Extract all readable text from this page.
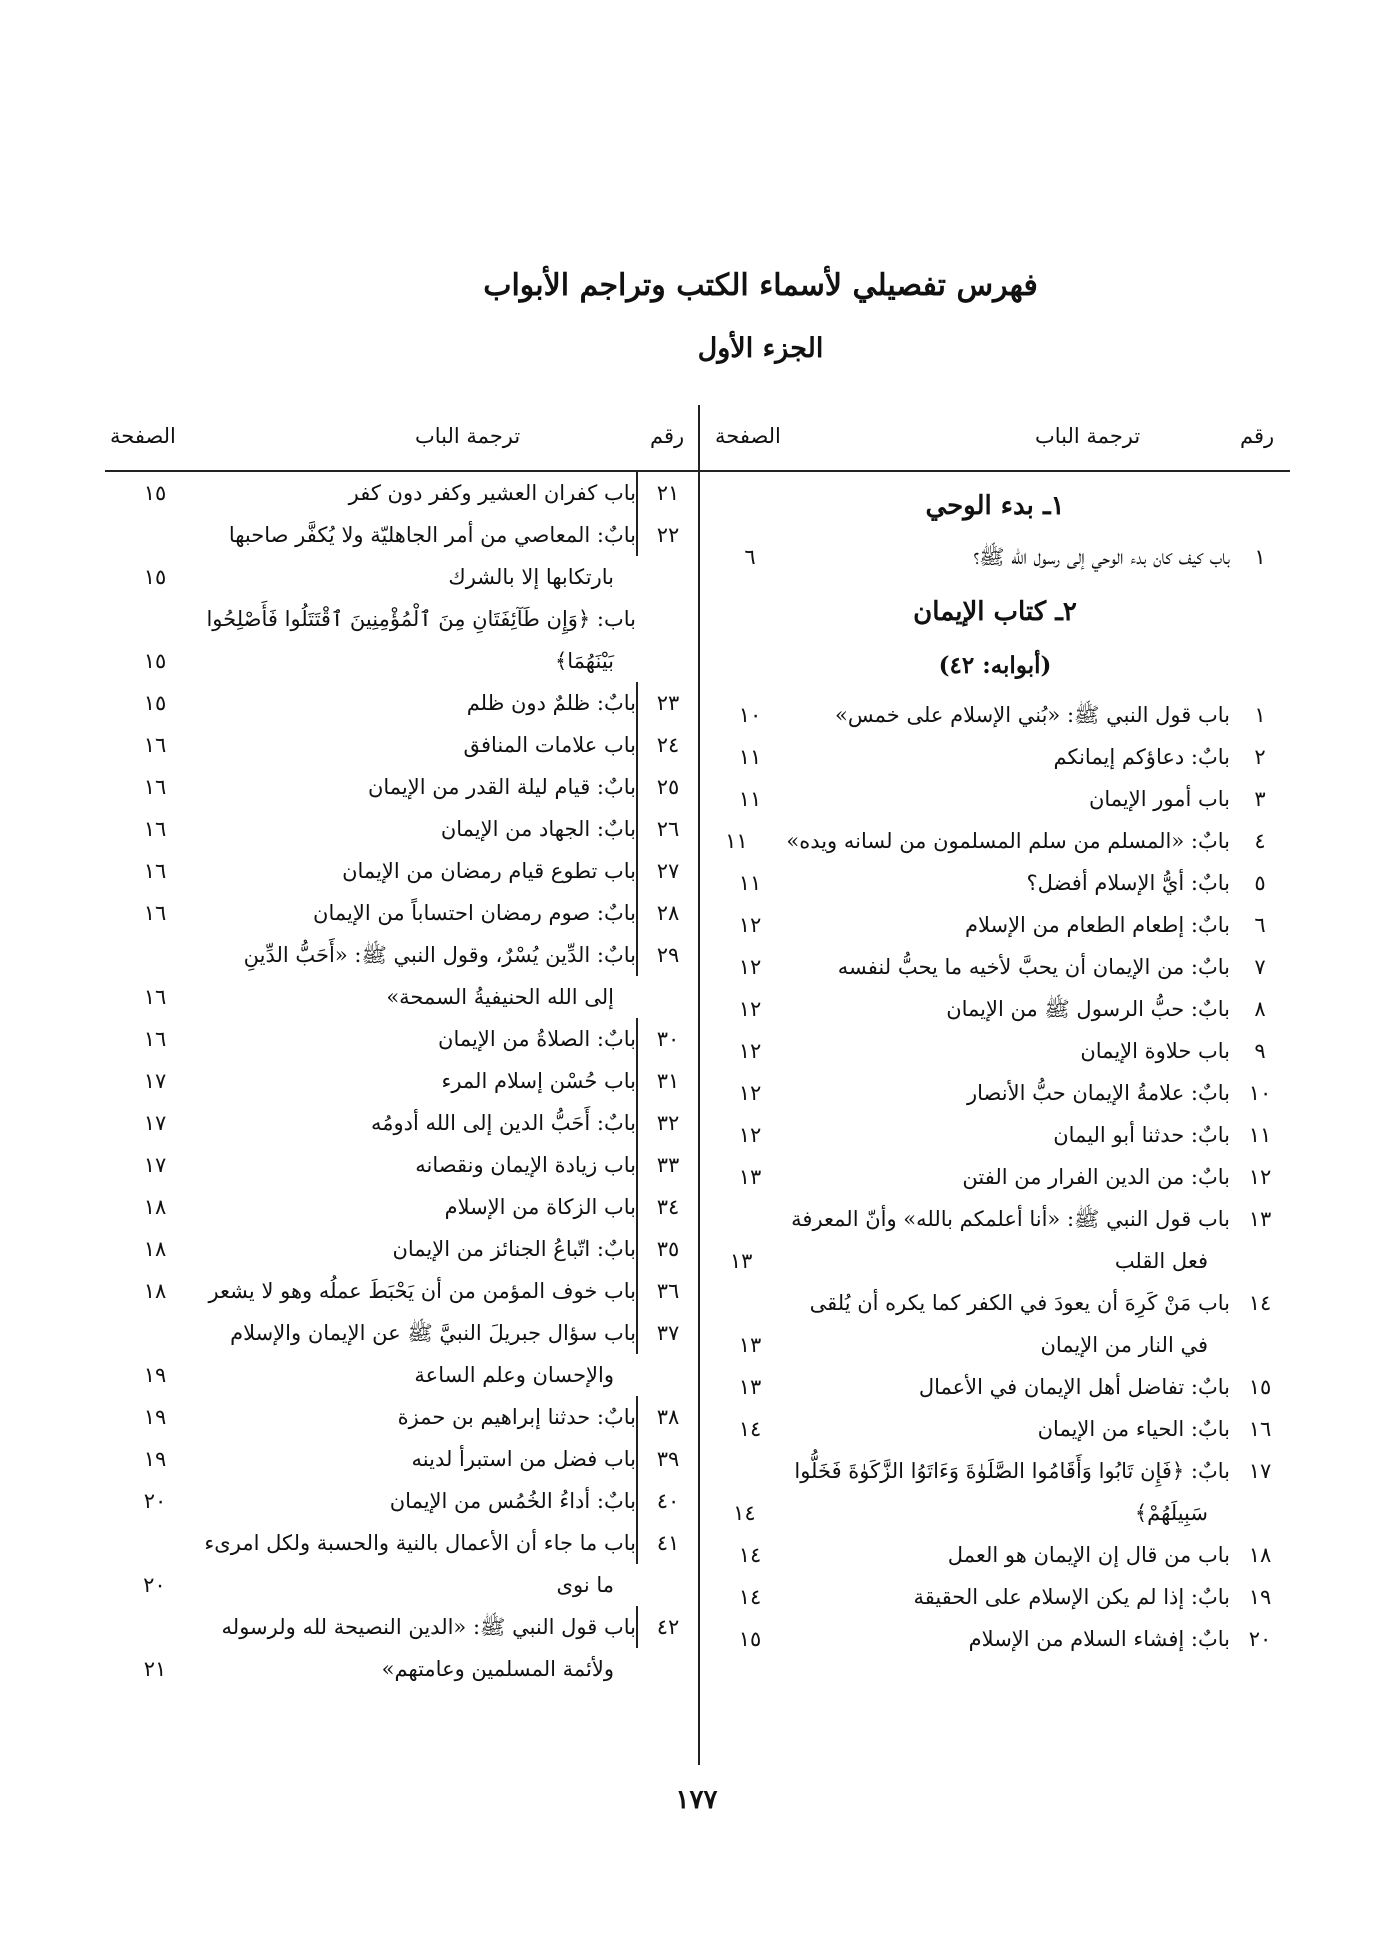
فهرس تفصيلي لأسماء الكتب وتراجم الأبواب
الجزء الأول
رقم
ترجمة الباب
الصفحة
رقم
ترجمة الباب
الصفحة
١ـ بدء الوحي
١
باب كيف كان بدء الوحي إلى رسول الله ﷺ؟
٦
٢ـ كتاب الإيمان
(أبوابه: ٤٢)
١
باب قول النبي ﷺ: «بُني الإسلام على خمس»
١٠
٢
بابٌ: دعاؤكم إيمانكم
١١
٣
باب أمور الإيمان
١١
٤
بابٌ: «المسلم من سلم المسلمون من لسانه ويده»
١١
٥
بابٌ: أيُّ الإسلام أفضل؟
١١
٦
بابٌ: إطعام الطعام من الإسلام
١٢
٧
بابٌ: من الإيمان أن يحبَّ لأخيه ما يحبُّ لنفسه
١٢
٨
بابٌ: حبُّ الرسول ﷺ من الإيمان
١٢
٩
باب حلاوة الإيمان
١٢
١٠
بابٌ: علامةُ الإيمان حبُّ الأنصار
١٢
١١
بابٌ: حدثنا أبو اليمان
١٢
١٢
بابٌ: من الدين الفرار من الفتن
١٣
١٣
باب قول النبي ﷺ: «أنا أعلمكم بالله» وأنّ المعرفة
فعل القلب
١٣
١٤
باب مَنْ كَرِهَ أن يعودَ في الكفر كما يكره أن يُلقى
في النار من الإيمان
١٣
١٥
بابٌ: تفاضل أهل الإيمان في الأعمال
١٣
١٦
بابٌ: الحياء من الإيمان
١٤
١٧
بابٌ: ﴿فَإِن تَابُوا وَأَقَامُوا الصَّلَوٰةَ وَءَاتَوُا الزَّكَوٰةَ فَخَلُّوا
سَبِيلَهُمْ﴾
١٤
١٨
باب من قال إن الإيمان هو العمل
١٤
١٩
بابٌ: إذا لم يكن الإسلام على الحقيقة
١٤
٢٠
بابٌ: إفشاء السلام من الإسلام
١٥
٢١
باب كفران العشير وكفر دون كفر
١٥
٢٢
بابٌ: المعاصي من أمر الجاهليّة ولا يُكفَّر صاحبها
بارتكابها إلا بالشرك
١٥
باب: ﴿وَإِن طَآئِفَتَانِ مِنَ ٱلْمُؤْمِنِينَ ٱقْتَتَلُوا فَأَصْلِحُوا
بَيْنَهُمَا﴾
١٥
٢٣
بابٌ: ظلمٌ دون ظلم
١٥
٢٤
باب علامات المنافق
١٦
٢٥
بابٌ: قيام ليلة القدر من الإيمان
١٦
٢٦
بابٌ: الجهاد من الإيمان
١٦
٢٧
باب تطوع قيام رمضان من الإيمان
١٦
٢٨
بابٌ: صوم رمضان احتساباً من الإيمان
١٦
٢٩
بابٌ: الدِّين يُسْرٌ، وقول النبي ﷺ: «أَحَبُّ الدِّينِ
إلى الله الحنيفيةُ السمحة»
١٦
٣٠
بابٌ: الصلاةُ من الإيمان
١٦
٣١
باب حُسْن إسلام المرء
١٧
٣٢
بابٌ: أَحَبُّ الدين إلى الله أدومُه
١٧
٣٣
باب زيادة الإيمان ونقصانه
١٧
٣٤
باب الزكاة من الإسلام
١٨
٣٥
بابٌ: اتّباعُ الجنائز من الإيمان
١٨
٣٦
باب خوف المؤمن من أن يَحْبَطَ عملُه وهو لا يشعر
١٨
٣٧
باب سؤال جبريلَ النبيَّ ﷺ عن الإيمان والإسلام
والإحسان وعلم الساعة
١٩
٣٨
بابٌ: حدثنا إبراهيم بن حمزة
١٩
٣٩
باب فضل من استبرأ لدينه
١٩
٤٠
بابٌ: أداءُ الخُمُس من الإيمان
٢٠
٤١
باب ما جاء أن الأعمال بالنية والحسبة ولكل امرىء
ما نوى
٢٠
٤٢
باب قول النبي ﷺ: «الدين النصيحة لله ولرسوله
ولأئمة المسلمين وعامتهم»
٢١
١٧٧
